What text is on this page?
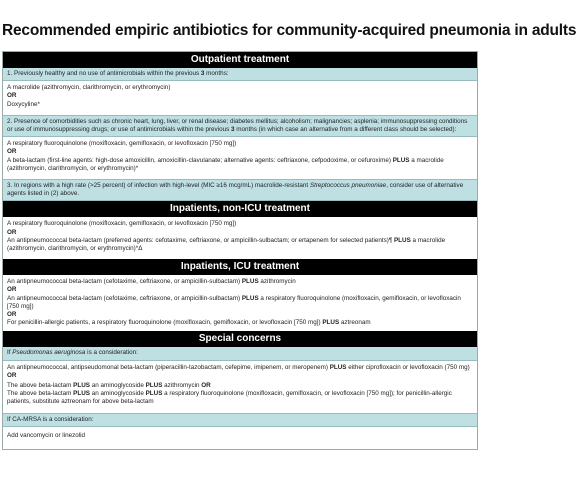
Recommended empiric antibiotics for community-acquired pneumonia in adults
Outpatient treatment
1. Previously healthy and no use of antimicrobials within the previous 3 months:

A macrolide (azithromycin, clarithromycin, or erythromycin)

OR

Doxycyline*

2. Presence of comorbidities such as chronic heart, lung, liver, or renal disease; diabetes mellitus; alcoholism; malignancies; asplenia; immunosuppressing conditions or use of immunosuppressing drugs; or use of antimicrobials within the previous 3 months (in which case an alternative from a different class should be selected):

A respiratory fluoroquinolone (moxifloxacin, gemifloxacin, or levofloxacin [750 mg])

OR

A beta-lactam (first-line agents: high-dose amoxicillin, amoxicillin-clavulanate; alternative agents: ceftriaxone, cefpodoxime, or cefuroxime) PLUS a macrolide (azithromycin, clarithromycin, or erythromycin)*

3. In regions with a high rate (>25 percent) of infection with high-level (MIC ≥16 mcg/mL) macrolide-resistant Streptococcus pneumoniae, consider use of alternative agents listed in (2) above.
Inpatients, non-ICU treatment

A respiratory fluoroquinolone (moxifloxacin, gemifloxacin, or levofloxacin [750 mg])

OR

An antipneumococcal beta-lactam (preferred agents: cefotaxime, ceftriaxone, or ampicillin-sulbactam; or ertapenem for selected patients)¶ PLUS a macrolide (azithromycin, clarithromycin, or erythromycin)*Δ

Inpatients, ICU treatment

An antipneumococcal beta-lactam (cefotaxime, ceftriaxone, or ampicillin-sulbactam) PLUS azithromycin

OR

An antipneumococcal beta-lactam (cefotaxime, ceftriaxone, or ampicillin-sulbactam) PLUS a respiratory fluoroquinolone (moxifloxacin, gemifloxacin, or levofloxacin [750 mg])

OR

For penicillin-allergic patients, a respiratory fluoroquinolone (moxifloxacin, gemifloxacin, or levofloxacin [750 mg]) PLUS aztreonam

Special concerns
If Pseudomonas aeruginosa is a consideration:

An antipneumococcal, antipseudomonal beta-lactam (piperacillin-tazobactam, cefepime, imipenem, or meropenem) PLUS either ciprofloxacin or levofloxacin (750 mg) OR

The above beta-lactam PLUS an aminoglycoside PLUS azithromycin OR

The above beta-lactam PLUS an aminoglycoside PLUS a respiratory fluoroquinolone (moxifloxacin, gemifloxacin, or levofloxacin [750 mg]); for penicillin-allergic patients, substitute aztreonam for above beta-lactam

If CA-MRSA is a consideration:

Add vancomycin or linezolid
